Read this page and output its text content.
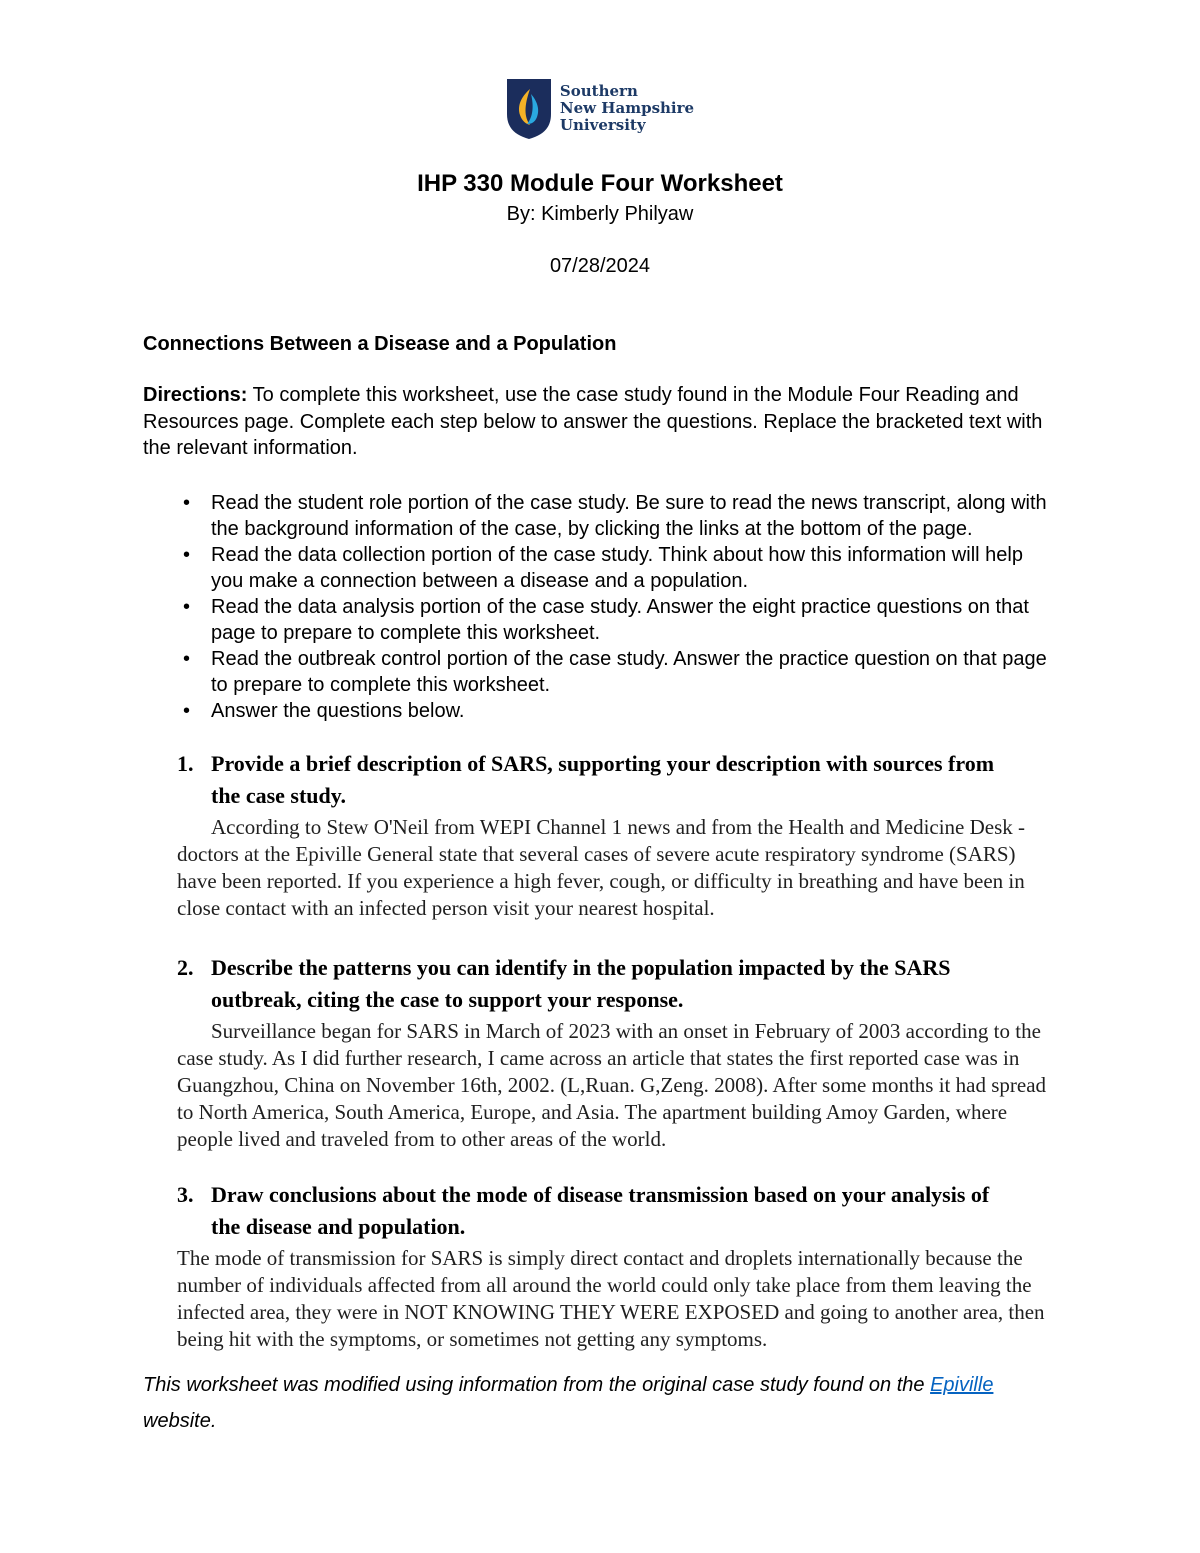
Southern
New Hampshire
University
IHP 330 Module Four Worksheet

By: Kimberly Philyaw

07/28/2024

Connections Between a Disease and a Population

Directions: To complete this worksheet, use the case study found in the Module Four Reading and Resources page. Complete each step below to answer the questions. Replace the bracketed text with the relevant information.

• Read the student role portion of the case study. Be sure to read the news transcript, along with the background information of the case, by clicking the links at the bottom of the page.
• Read the data collection portion of the case study. Think about how this information will help you make a connection between a disease and a population.
• Read the data analysis portion of the case study. Answer the eight practice questions on that page to prepare to complete this worksheet.
• Read the outbreak control portion of the case study. Answer the practice question on that page to prepare to complete this worksheet.
• Answer the questions below.
1. Provide a brief description of SARS, supporting your description with sources from the case study.

According to Stew O'Neil from WEPI Channel 1 news and from the Health and Medicine Desk - doctors at the Epiville General state that several cases of severe acute respiratory syndrome (SARS) have been reported. If you experience a high fever, cough, or difficulty in breathing and have been in close contact with an infected person visit your nearest hospital.

2. Describe the patterns you can identify in the population impacted by the SARS outbreak, citing the case to support your response.

Surveillance began for SARS in March of 2023 with an onset in February of 2003 according to the case study. As I did further research, I came across an article that states the first reported case was in Guangzhou, China on November 16th, 2002. (L,Ruan. G,Zeng. 2008). After some months it had spread to North America, South America, Europe, and Asia. The apartment building Amoy Garden, where people lived and traveled from to other areas of the world.

3. Draw conclusions about the mode of disease transmission based on your analysis of the disease and population.

The mode of transmission for SARS is simply direct contact and droplets internationally because the number of individuals affected from all around the world could only take place from them leaving the infected area, they were in NOT KNOWING THEY WERE EXPOSED and going to another area, then being hit with the symptoms, or sometimes not getting any symptoms.

This worksheet was modified using information from the original case study found on the Epiville website.
